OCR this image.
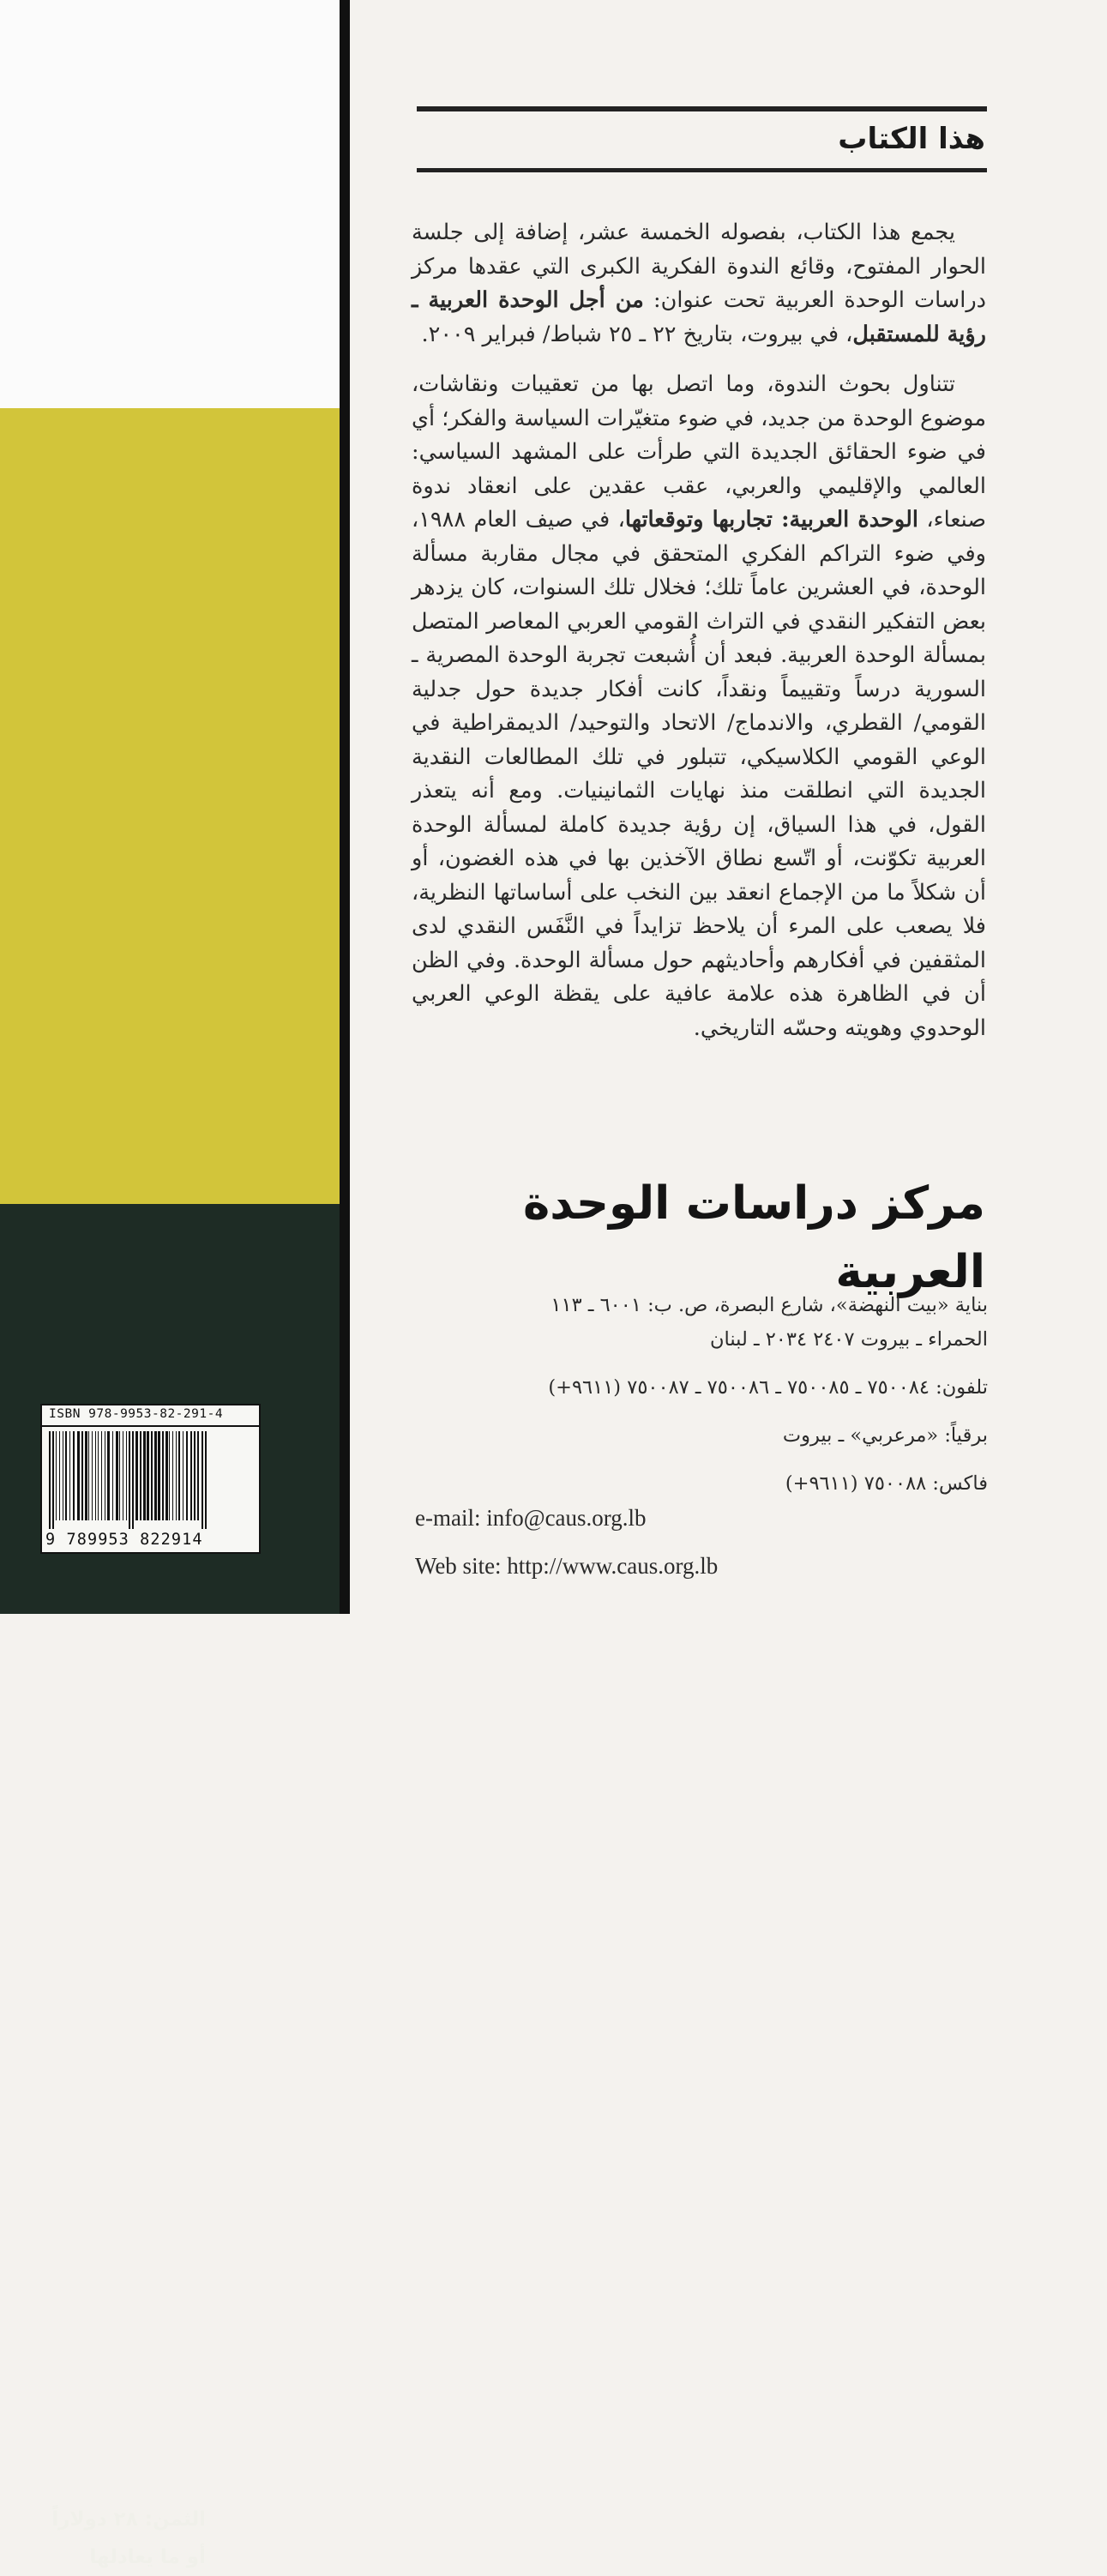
الثمن: ٢٨ دولاراً
أو ما يعادلها
ISBN 978-9953-82-291-4
9 789953 822914
هذا الكتاب

يجمع هذا الكتاب، بفصوله الخمسة عشر، إضافة إلى جلسة الحوار المفتوح، وقائع الندوة الفكرية الكبرى التي عقدها مركز دراسات الوحدة العربية تحت عنوان: من أجل الوحدة العربية ـ رؤية للمستقبل، في بيروت، بتاريخ ٢٢ ـ ٢٥ شباط/ فبراير ٢٠٠٩.

تتناول بحوث الندوة، وما اتصل بها من تعقيبات ونقاشات، موضوع الوحدة من جديد، في ضوء متغيّرات السياسة والفكر؛ أي في ضوء الحقائق الجديدة التي طرأت على المشهد السياسي: العالمي والإقليمي والعربي، عقب عقدين على انعقاد ندوة صنعاء، الوحدة العربية: تجاربها وتوقعاتها، في صيف العام ١٩٨٨، وفي ضوء التراكم الفكري المتحقق في مجال مقاربة مسألة الوحدة، في العشرين عاماً تلك؛ فخلال تلك السنوات، كان يزدهر بعض التفكير النقدي في التراث القومي العربي المعاصر المتصل بمسألة الوحدة العربية. فبعد أن أُشبعت تجربة الوحدة المصرية ـ السورية درساً وتقييماً ونقداً، كانت أفكار جديدة حول جدلية القومي/ القطري، والاندماج/ الاتحاد والتوحيد/ الديمقراطية في الوعي القومي الكلاسيكي، تتبلور في تلك المطالعات النقدية الجديدة التي انطلقت منذ نهايات الثمانينيات. ومع أنه يتعذر القول، في هذا السياق، إن رؤية جديدة كاملة لمسألة الوحدة العربية تكوّنت، أو اتّسع نطاق الآخذين بها في هذه الغضون، أو أن شكلاً ما من الإجماع انعقد بين النخب على أساساتها النظرية، فلا يصعب على المرء أن يلاحظ تزايداً في النَّفَس النقدي لدى المثقفين في أفكارهم وأحاديثهم حول مسألة الوحدة. وفي الظن أن في الظاهرة هذه علامة عافية على يقظة الوعي العربي الوحدوي وهويته وحسّه التاريخي.

مركز دراسات الوحدة العربية
بناية «بيت النهضة»، شارع البصرة، ص. ب: ٦٠٠١ ـ ١١٣
الحمراء ـ بيروت ٢٤٠٧ ٢٠٣٤ ـ لبنان
تلفون: ٧٥٠٠٨٤ ـ ٧٥٠٠٨٥ ـ ٧٥٠٠٨٦ ـ ٧٥٠٠٨٧ (٩٦١١+)
برقياً: «مرعربي» ـ بيروت
فاكس: ٧٥٠٠٨٨ (٩٦١١+)
e-mail: info@caus.org.lb
Web site: http://www.caus.org.lb
